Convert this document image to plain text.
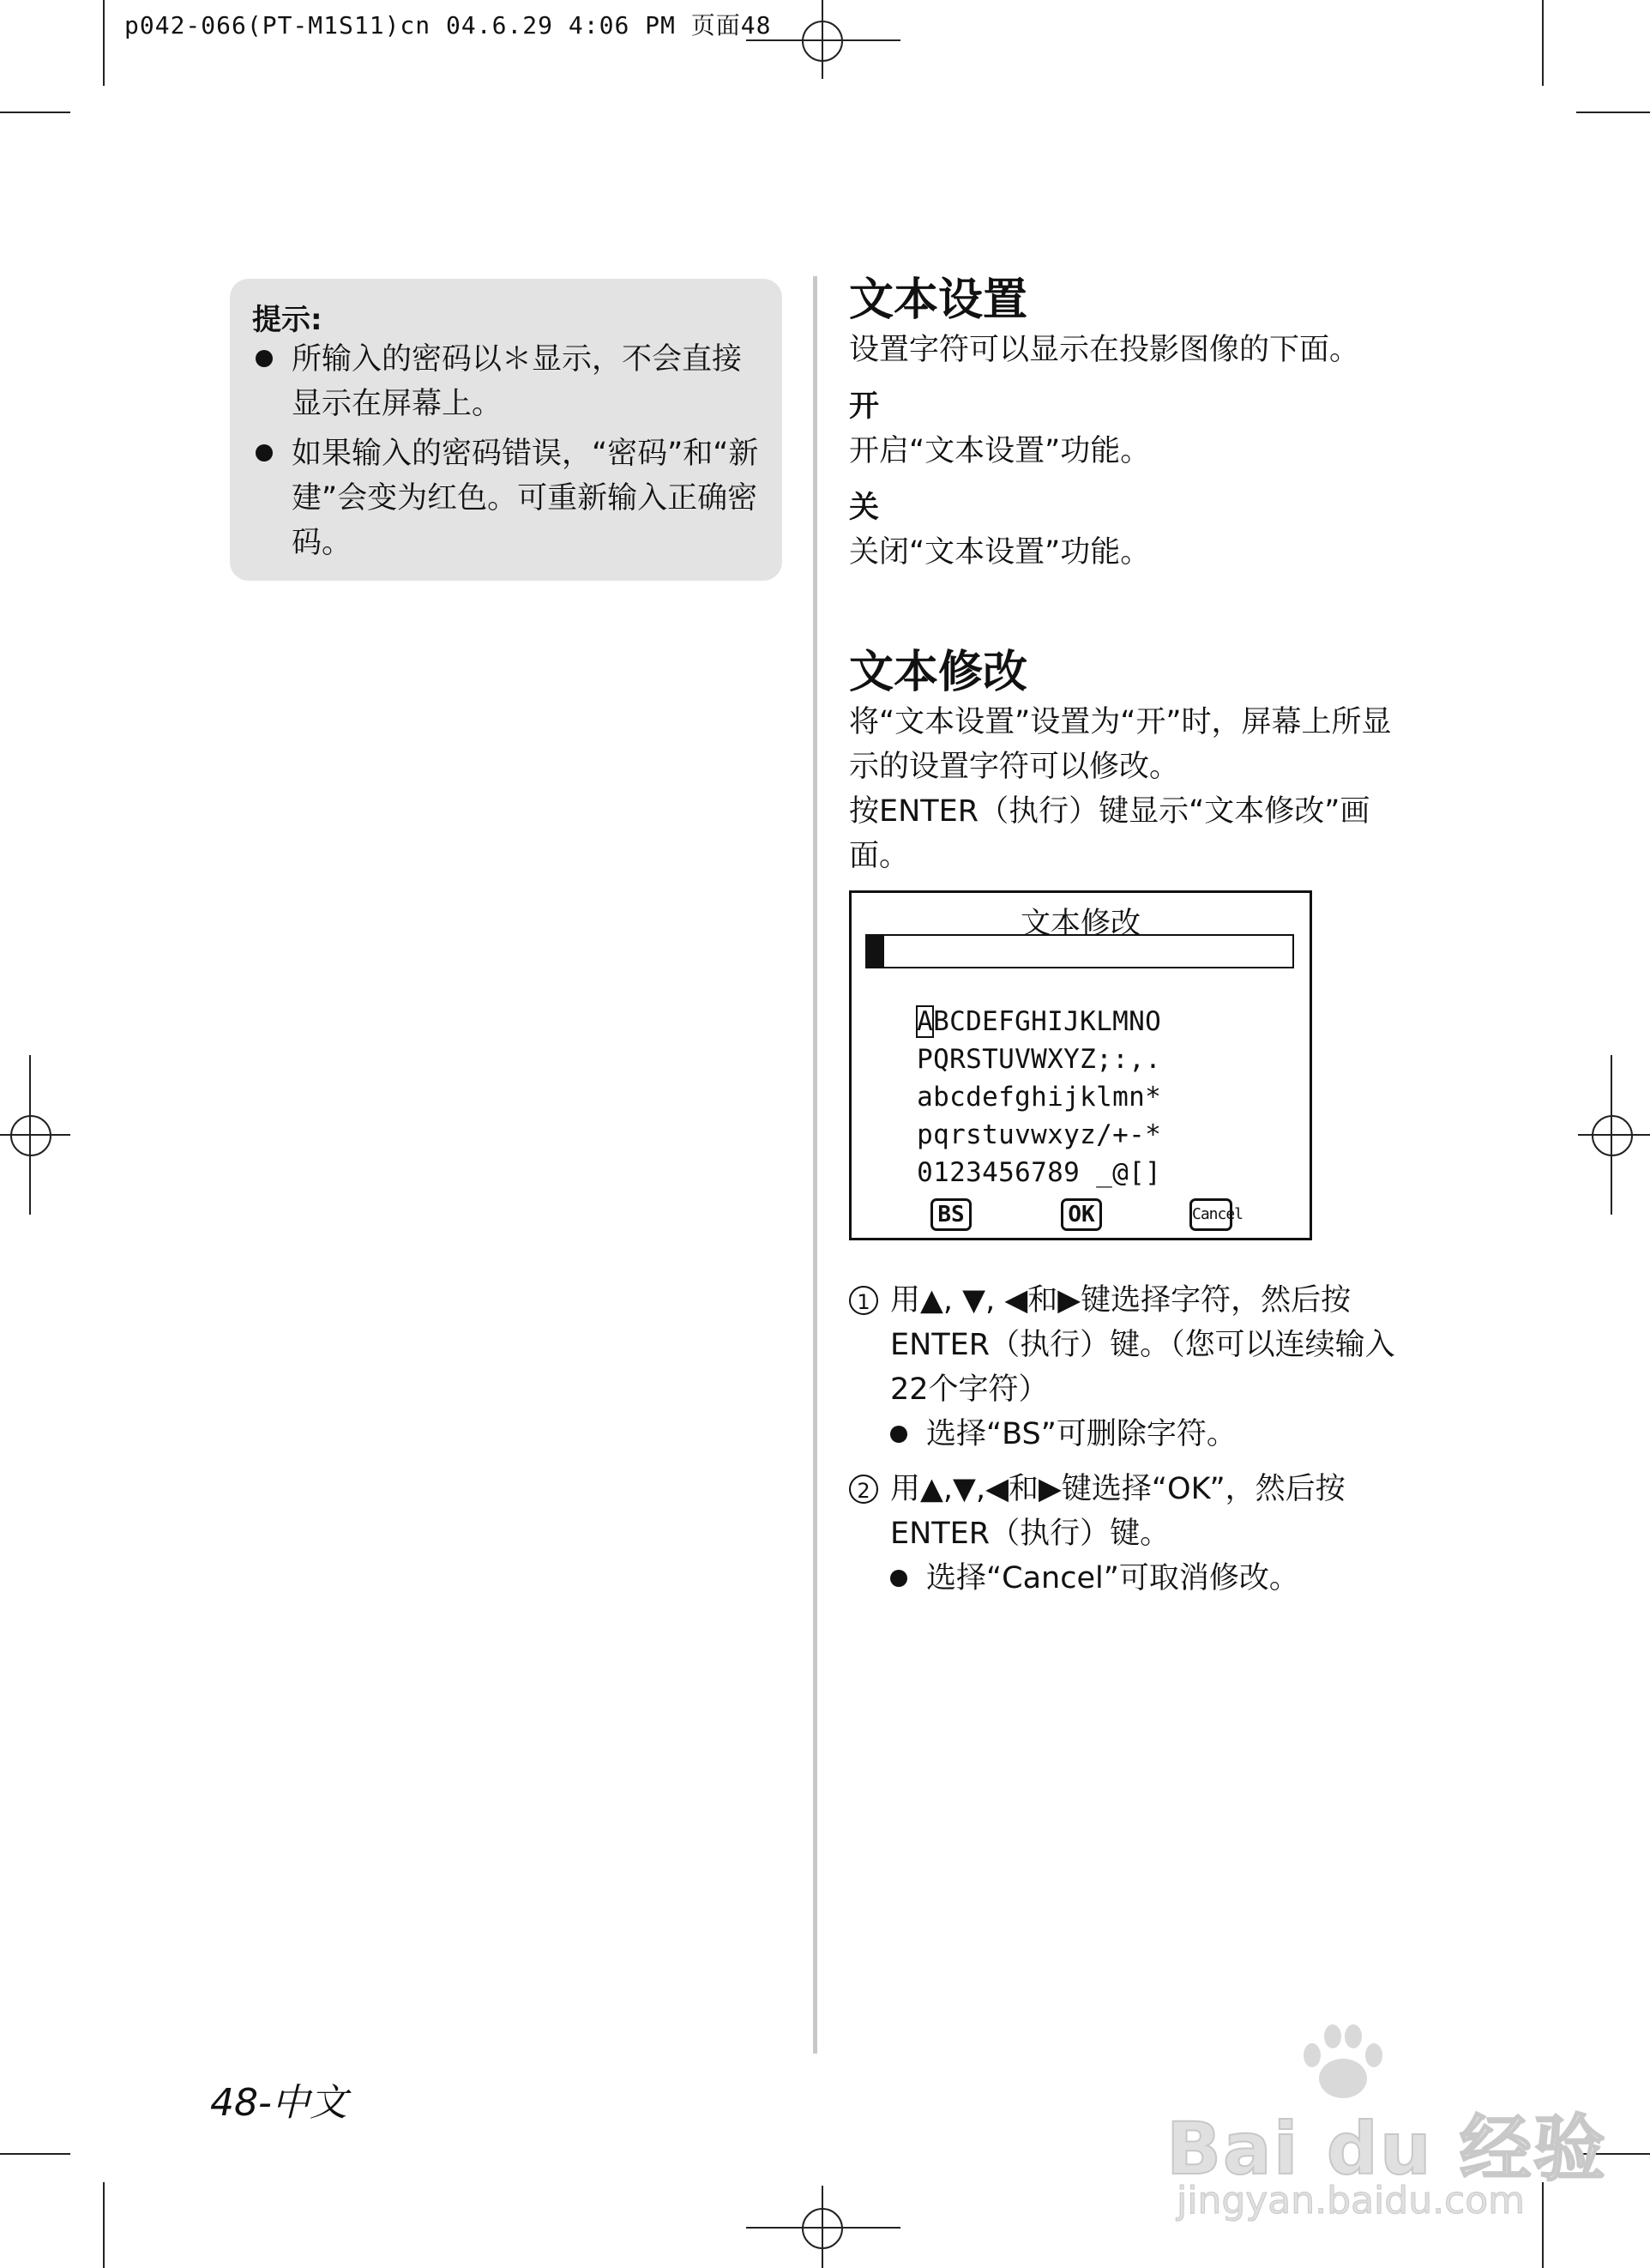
p042-066(PT-M1S11)cn 04.6.29 4:06 PM 页面48
提示:
所输入的密码以＊显示，不会直接显示在屏幕上。
如果输入的密码错误，“密码”和“新建”会变为红色。可重新输入正确密码。
文本设置

设置字符可以显示在投影图像的下面。

开

开启“文本设置”功能。

关

关闭“文本设置”功能。

文本修改

将“文本设置”设置为“开”时，屏幕上所显示的设置字符可以修改。

按ENTER（执行）键显示“文本修改”画面。

文本修改
A B C D E F G H I J K L M N O
P Q R S T U V W X Y Z ; : , .
a b c d e f g h i j k l m n *
p q r s t u v w x y z / + - *
0 1 2 3 4 5 6 7 8 9 _ @ [ ]
BS	OK	Cancel
1 用▲, ▼, ◀和▶键选择字符，然后按ENTER（执行）键。（您可以连续输入22个字符）
选择“BS”可删除字符。
2 用▲,▼,◀和▶键选择“OK”，然后按ENTER（执行）键。
选择“Cancel”可取消修改。
48-中文
Bai du 经验
jingyan.baidu.com
